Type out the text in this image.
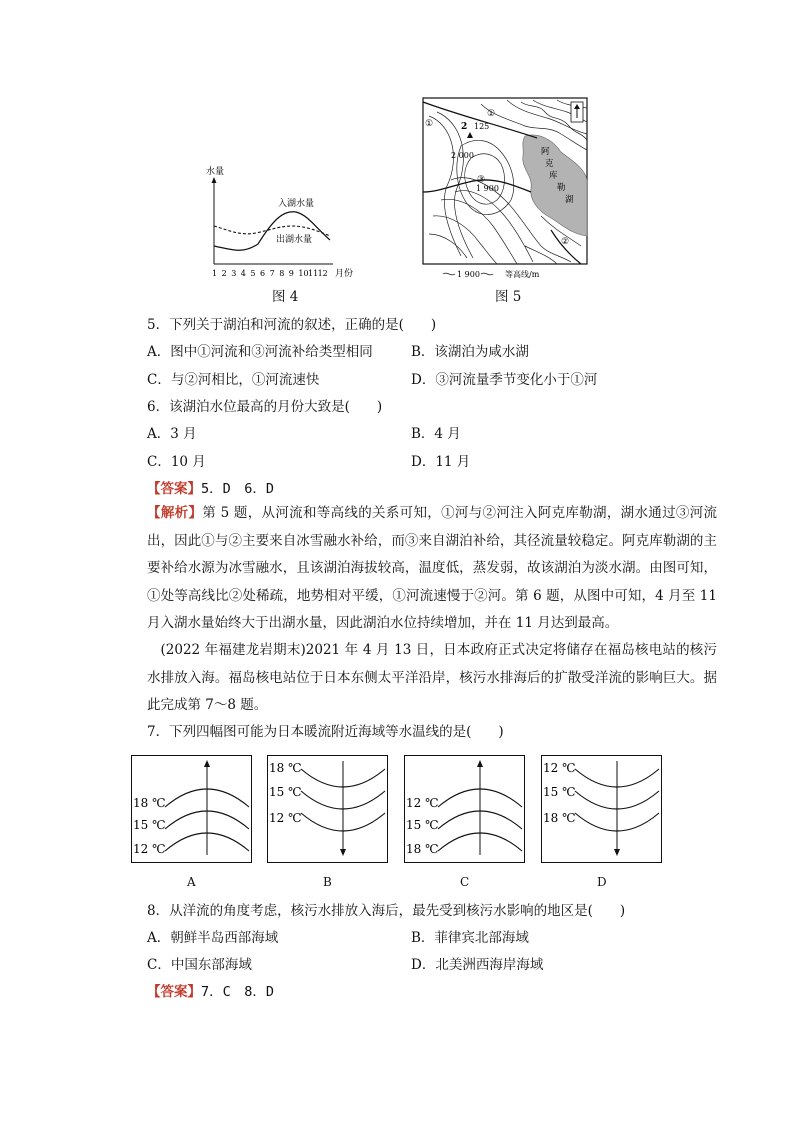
水量
入湖水量
出湖水量
1 2 3 4 5 6 7 8 9 10 11 12 月份
图 4
2 125
2 000
1 900
①
①
③
②
阿
克
库
勒
湖
1 900	等高线/m
图 5
5．下列关于湖泊和河流的叙述，正确的是(　　)
A．图中①河流和③河流补给类型相同	B．该湖泊为咸水湖
C．与②河相比，①河流速快	D．③河流量季节变化小于①河
6．该湖泊水位最高的月份大致是(　　)
A．3 月	B．4 月
C．10 月	D．11 月
【答案】5．D　6．D
【解析】第 5 题，从河流和等高线的关系可知，①河与②河注入阿克库勒湖，湖水通过③河流出，因此①与②主要来自冰雪融水补给，而③来自湖泊补给，其径流量较稳定。阿克库勒湖的主要补给水源为冰雪融水，且该湖泊海拔较高，温度低，蒸发弱，故该湖泊为淡水湖。由图可知，①处等高线比②处稀疏，地势相对平缓，①河流速慢于②河。第 6 题，从图中可知，4 月至 11 月入湖水量始终大于出湖水量，因此湖泊水位持续增加，并在 11 月达到最高。
(2022 年福建龙岩期末)2021 年 4 月 13 日，日本政府正式决定将储存在福岛核电站的核污水排放入海。福岛核电站位于日本东侧太平洋沿岸，核污水排海后的扩散受洋流的影响巨大。据此完成第 7～8 题。
7．下列四幅图可能为日本暖流附近海域等水温线的是(　　)
18 ℃
15 ℃
12 ℃
A
18 ℃
15 ℃
12 ℃
B
12 ℃
15 ℃
18 ℃
C
12 ℃
15 ℃
18 ℃
D
8．从洋流的角度考虑，核污水排放入海后，最先受到核污水影响的地区是(　　)
A．朝鲜半岛西部海域	B．菲律宾北部海域
C．中国东部海域	D．北美洲西海岸海域
【答案】7．C　8．D
